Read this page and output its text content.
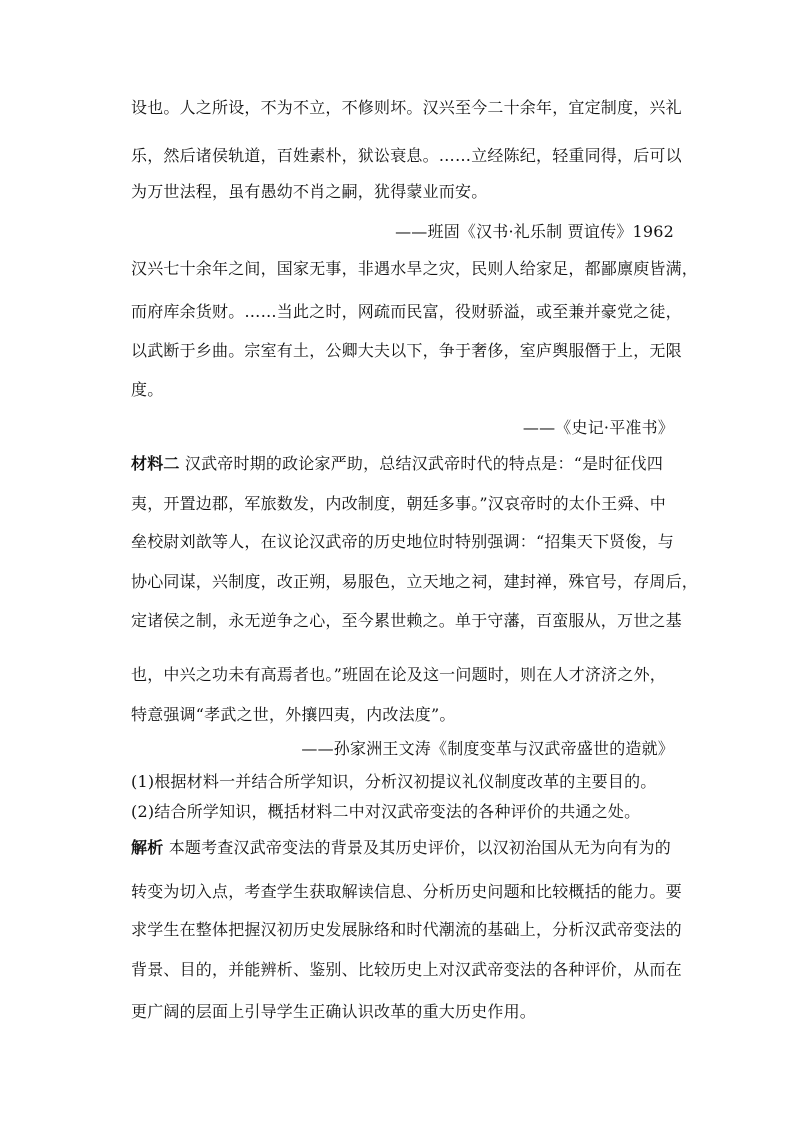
设也。人之所设，不为不立，不修则坏。汉兴至今二十余年，宜定制度，兴礼
乐，然后诸侯轨道，百姓素朴，狱讼衰息。……立经陈纪，轻重同得，后可以
为万世法程，虽有愚幼不肖之嗣，犹得蒙业而安。
——班固《汉书·礼乐制 贾谊传》1962
汉兴七十余年之间，国家无事，非遇水旱之灾，民则人给家足，都鄙廪庾皆满，
而府库余货财。……当此之时，网疏而民富，役财骄溢，或至兼并豪党之徒，
以武断于乡曲。宗室有土，公卿大夫以下，争于奢侈，室庐舆服僭于上，无限
度。
——《史记·平准书》
材料二 汉武帝时期的政论家严助，总结汉武帝时代的特点是：“是时征伐四
夷，开置边郡，军旅数发，内改制度，朝廷多事。”汉哀帝时的太仆王舜、中
垒校尉刘歆等人，在议论汉武帝的历史地位时特别强调：“招集天下贤俊，与
协心同谋，兴制度，改正朔，易服色，立天地之祠，建封禅，殊官号，存周后，
定诸侯之制，永无逆争之心，至今累世赖之。单于守藩，百蛮服从，万世之基
也，中兴之功未有高焉者也。”班固在论及这一问题时，则在人才济济之外，
特意强调“孝武之世，外攘四夷，内改法度”。
——孙家洲王文涛《制度变革与汉武帝盛世的造就》
(1)根据材料一并结合所学知识，分析汉初提议礼仪制度改革的主要目的。
(2)结合所学知识，概括材料二中对汉武帝变法的各种评价的共通之处。
解析 本题考查汉武帝变法的背景及其历史评价，以汉初治国从无为向有为的
转变为切入点，考查学生获取解读信息、分析历史问题和比较概括的能力。要
求学生在整体把握汉初历史发展脉络和时代潮流的基础上，分析汉武帝变法的
背景、目的，并能辨析、鉴别、比较历史上对汉武帝变法的各种评价，从而在
更广阔的层面上引导学生正确认识改革的重大历史作用。
